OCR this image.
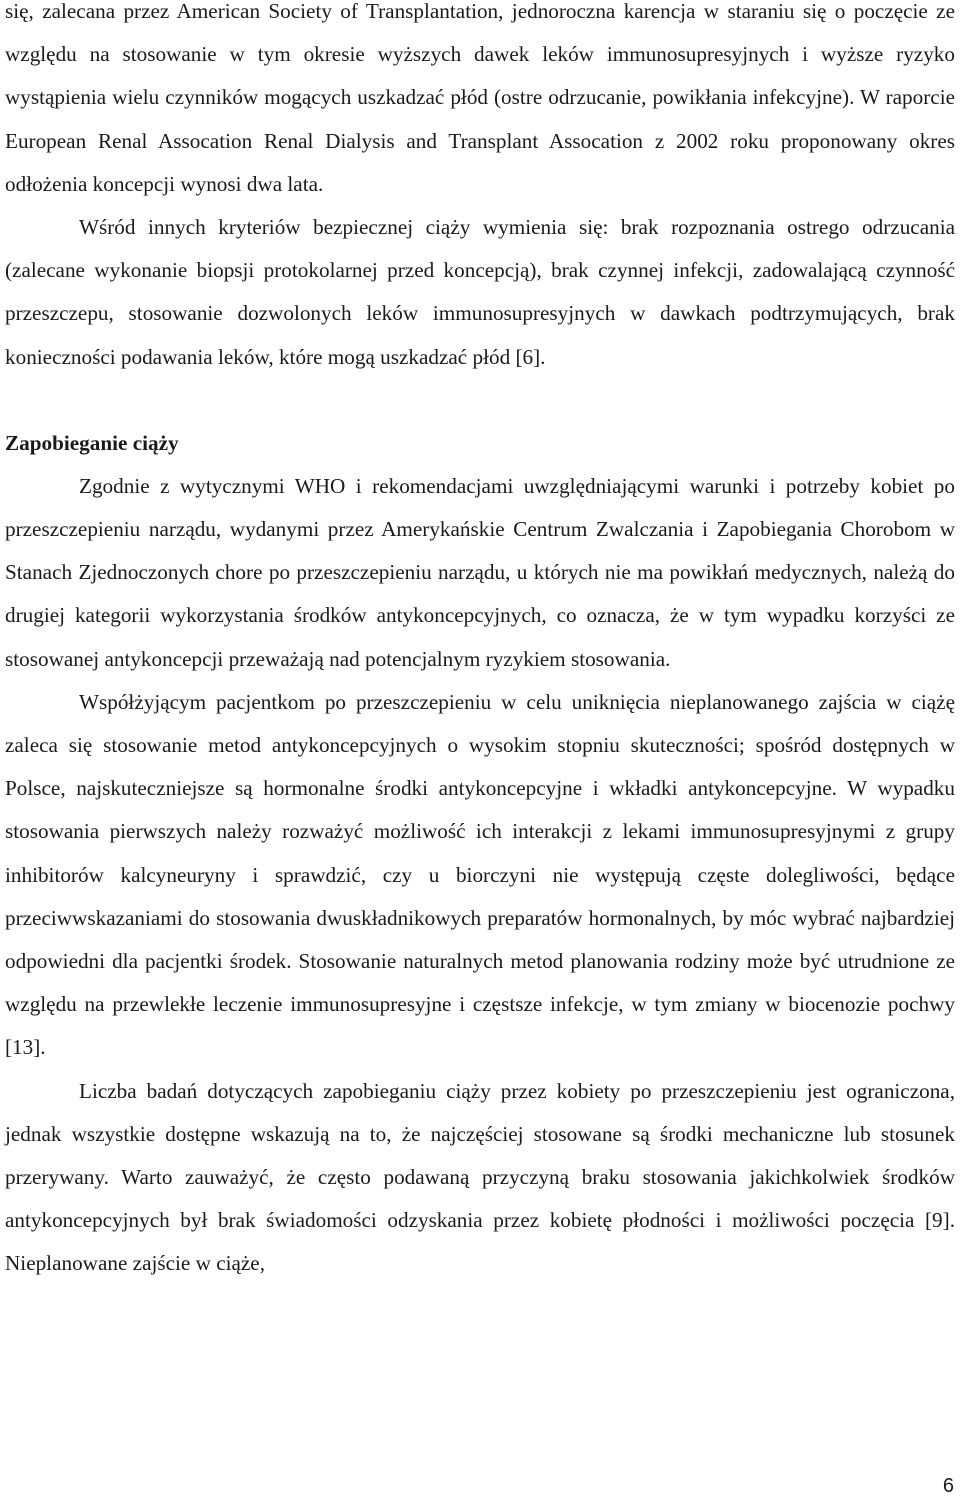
się, zalecana przez American Society of Transplantation, jednoroczna karencja w staraniu się o poczęcie ze względu na stosowanie w tym okresie wyższych dawek leków immunosupresyjnych i wyższe ryzyko wystąpienia wielu czynników mogących uszkadzać płód (ostre odrzucanie, powikłania infekcyjne). W raporcie European Renal Assocation Renal Dialysis and Transplant Assocation z 2002 roku proponowany okres odłożenia koncepcji wynosi dwa lata.

Wśród innych kryteriów bezpiecznej ciąży wymienia się: brak rozpoznania ostrego odrzucania (zalecane wykonanie biopsji protokolarnej przed koncepcją), brak czynnej infekcji, zadowalającą czynność przeszczepu, stosowanie dozwolonych leków immunosupresyjnych w dawkach podtrzymujących, brak konieczności podawania leków, które mogą uszkadzać płód [6].

Zapobieganie ciąży

Zgodnie z wytycznymi WHO i rekomendacjami uwzględniającymi warunki i potrzeby kobiet po przeszczepieniu narządu, wydanymi przez Amerykańskie Centrum Zwalczania i Zapobiegania Chorobom w Stanach Zjednoczonych chore po przeszczepieniu narządu, u których nie ma powikłań medycznych, należą do drugiej kategorii wykorzystania środków antykoncepcyjnych, co oznacza, że w tym wypadku korzyści ze stosowanej antykoncepcji przeważają nad potencjalnym ryzykiem stosowania.

Współżyjącym pacjentkom po przeszczepieniu w celu uniknięcia nieplanowanego zajścia w ciążę zaleca się stosowanie metod antykoncepcyjnych o wysokim stopniu skuteczności; spośród dostępnych w Polsce, najskuteczniejsze są hormonalne środki antykoncepcyjne i wkładki antykoncepcyjne. W wypadku stosowania pierwszych należy rozważyć możliwość ich interakcji z lekami immunosupresyjnymi z grupy inhibitorów kalcyneuryny i sprawdzić, czy u biorczyni nie występują częste dolegliwości, będące przeciwwskazaniami do stosowania dwuskładnikowych preparatów hormonalnych, by móc wybrać najbardziej odpowiedni dla pacjentki środek. Stosowanie naturalnych metod planowania rodziny może być utrudnione ze względu na przewlekłe leczenie immunosupresyjne i częstsze infekcje, w tym zmiany w biocenozie pochwy [13].

Liczba badań dotyczących zapobieganiu ciąży przez kobiety po przeszczepieniu jest ograniczona, jednak wszystkie dostępne wskazują na to, że najczęściej stosowane są środki mechaniczne lub stosunek przerywany. Warto zauważyć, że często podawaną przyczyną braku stosowania jakichkolwiek środków antykoncepcyjnych był brak świadomości odzyskania przez kobietę płodności i możliwości poczęcia [9]. Nieplanowane zajście w ciąże,

6
